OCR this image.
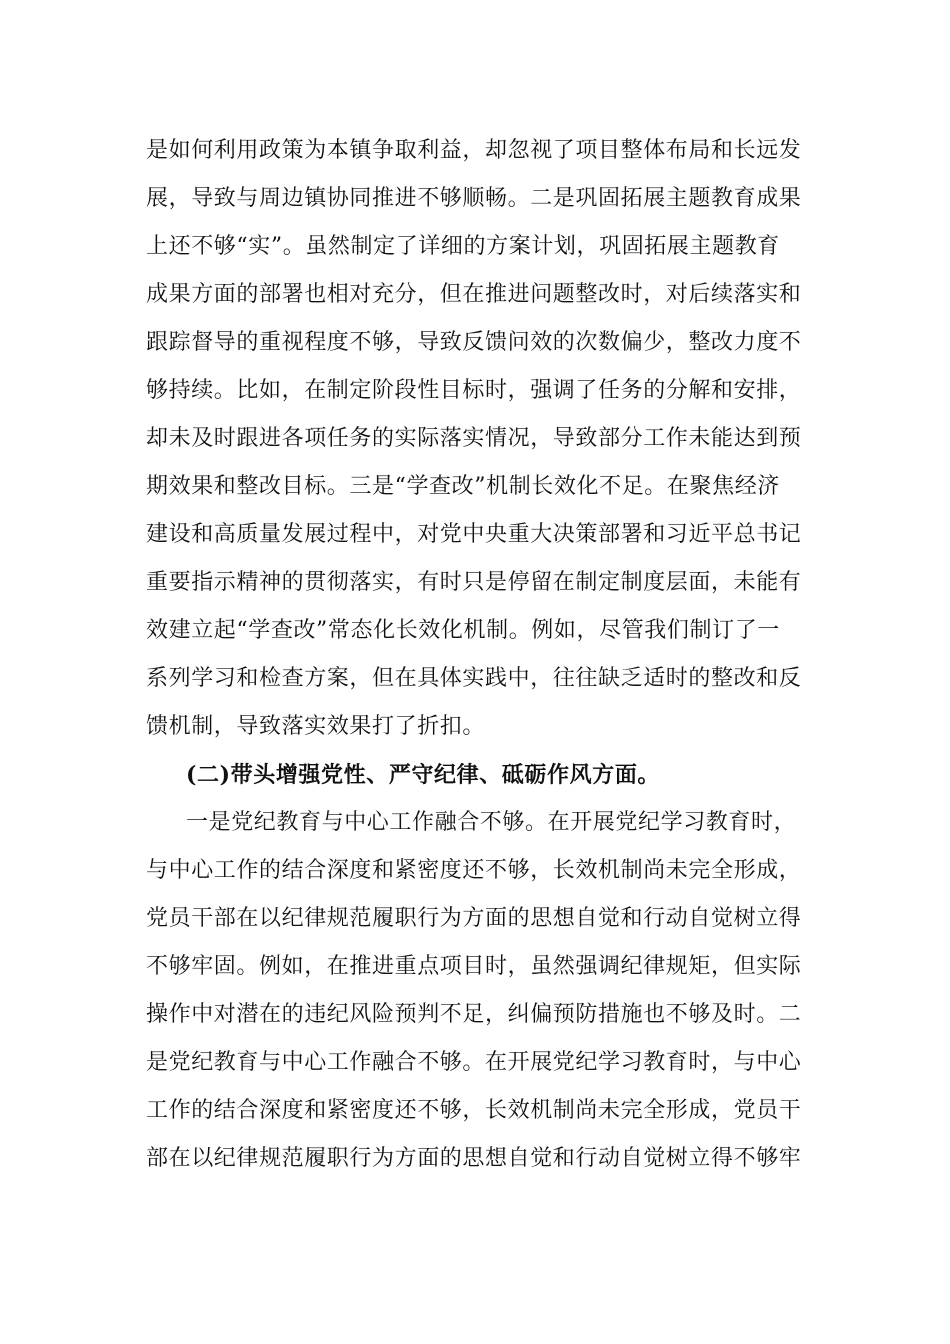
是如何利用政策为本镇争取利益，却忽视了项目整体布局和长远发
展，导致与周边镇协同推进不够顺畅。二是巩固拓展主题教育成果
上还不够“实”。虽然制定了详细的方案计划，巩固拓展主题教育
成果方面的部署也相对充分，但在推进问题整改时，对后续落实和
跟踪督导的重视程度不够，导致反馈问效的次数偏少，整改力度不
够持续。比如，在制定阶段性目标时，强调了任务的分解和安排，
却未及时跟进各项任务的实际落实情况，导致部分工作未能达到预
期效果和整改目标。三是“学查改”机制长效化不足。在聚焦经济
建设和高质量发展过程中，对党中央重大决策部署和习近平总书记
重要指示精神的贯彻落实，有时只是停留在制定制度层面，未能有
效建立起“学查改”常态化长效化机制。例如，尽管我们制订了一
系列学习和检查方案，但在具体实践中，往往缺乏适时的整改和反
馈机制，导致落实效果打了折扣。
(二)带头增强党性、严守纪律、砥砺作风方面。
一是党纪教育与中心工作融合不够。在开展党纪学习教育时，
与中心工作的结合深度和紧密度还不够，长效机制尚未完全形成，
党员干部在以纪律规范履职行为方面的思想自觉和行动自觉树立得
不够牢固。例如，在推进重点项目时，虽然强调纪律规矩，但实际
操作中对潜在的违纪风险预判不足，纠偏预防措施也不够及时。二
是党纪教育与中心工作融合不够。在开展党纪学习教育时，与中心
工作的结合深度和紧密度还不够，长效机制尚未完全形成，党员干
部在以纪律规范履职行为方面的思想自觉和行动自觉树立得不够牢
